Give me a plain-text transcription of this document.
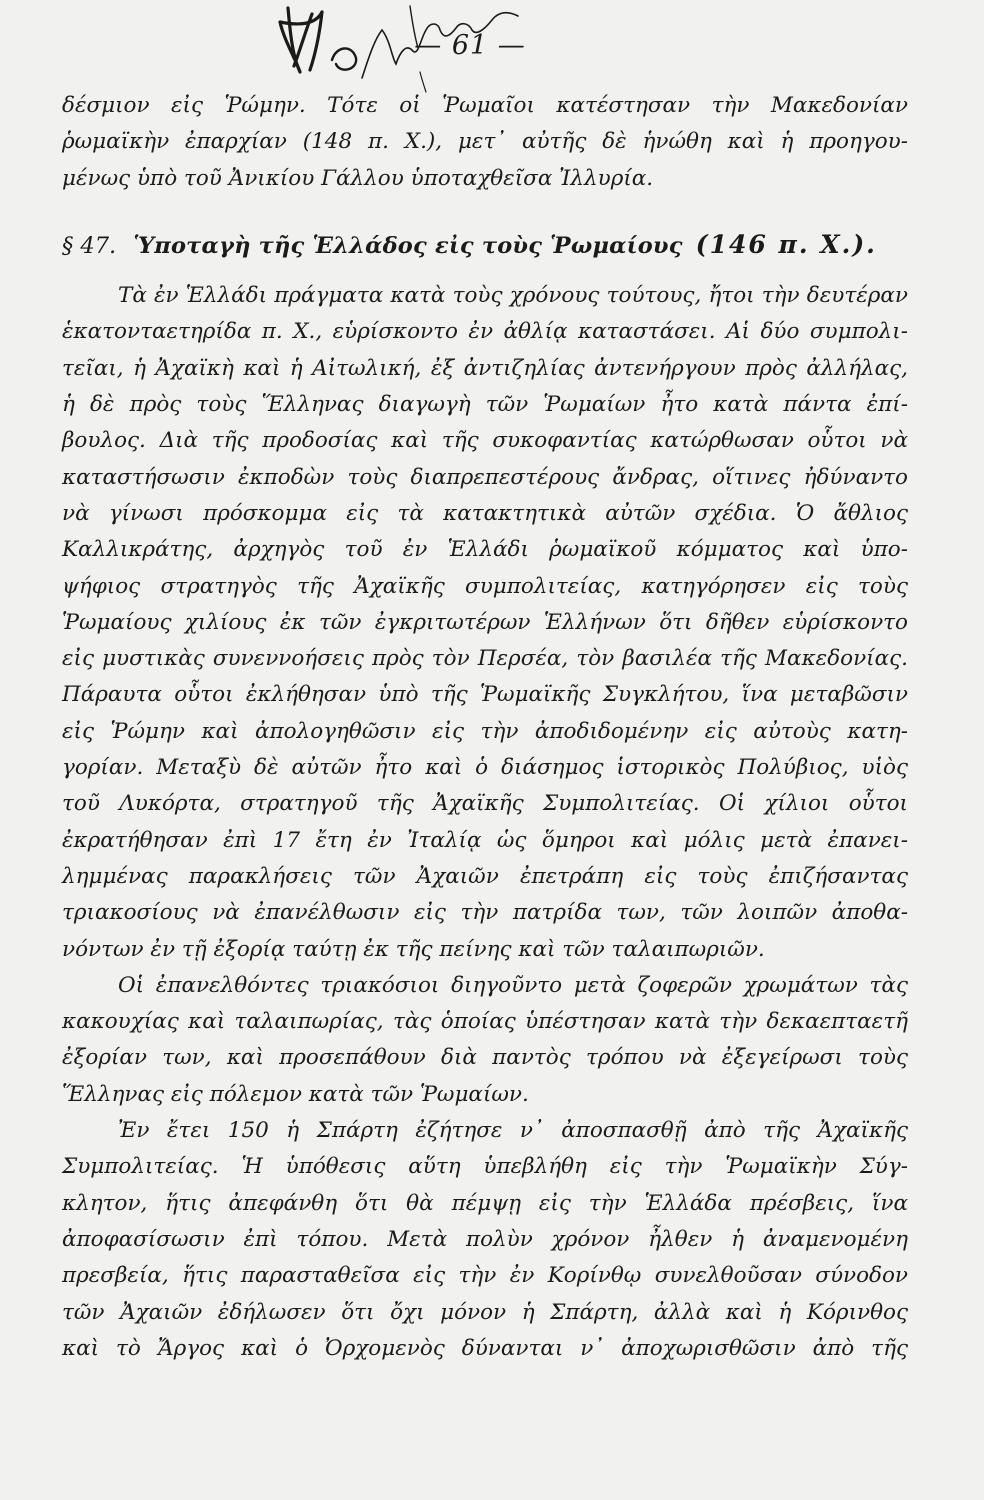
— 61 —
δέσμιον εἰς Ῥώμην. Τότε οἱ Ῥωμαῖοι κατέστησαν τὴν Μακεδονίαν
ῥωμαϊκὴν ἐπαρχίαν (148 π. Χ.), μετ᾽ αὐτῆς δὲ ἡνώθη καὶ ἡ προηγου-
μένως ὑπὸ τοῦ Ἀνικίου Γάλλου ὑποταχθεῖσα Ἰλλυρία.
§ 47. Ὑποταγὴ τῆς Ἑλλάδος εἰς τοὺς Ῥωμαίους (146 π. Χ.).
Τὰ ἐν Ἑλλάδι πράγματα κατὰ τοὺς χρόνους τούτους, ἤτοι τὴν δευτέραν
ἑκατονταετηρίδα π. Χ., εὑρίσκοντο ἐν ἀθλίᾳ καταστάσει. Αἱ δύο συμπολι-
τεῖαι, ἡ Ἀχαϊκὴ καὶ ἡ Αἰτωλική, ἐξ ἀντιζηλίας ἀντενήργουν πρὸς ἀλλήλας,
ἡ δὲ πρὸς τοὺς Ἕλληνας διαγωγὴ τῶν Ῥωμαίων ἦτο κατὰ πάντα ἐπί-
βουλος. Διὰ τῆς προδοσίας καὶ τῆς συκοφαντίας κατώρθωσαν οὗτοι νὰ
καταστήσωσιν ἐκποδὼν τοὺς διαπρεπεστέρους ἄνδρας, οἵτινες ἠδύναντο
νὰ γίνωσι πρόσκομμα εἰς τὰ κατακτητικὰ αὐτῶν σχέδια. Ὁ ἄθλιος
Καλλικράτης, ἀρχηγὸς τοῦ ἐν Ἑλλάδι ῥωμαϊκοῦ κόμματος καὶ ὑπο-
ψήφιος στρατηγὸς τῆς Ἀχαϊκῆς συμπολιτείας, κατηγόρησεν εἰς τοὺς
Ῥωμαίους χιλίους ἐκ τῶν ἐγκριτωτέρων Ἑλλήνων ὅτι δῆθεν εὑρίσκοντο
εἰς μυστικὰς συνεννοήσεις πρὸς τὸν Περσέα, τὸν βασιλέα τῆς Μακεδονίας.
Πάραυτα οὗτοι ἐκλήθησαν ὑπὸ τῆς Ῥωμαϊκῆς Συγκλήτου, ἵνα μεταβῶσιν
εἰς Ῥώμην καὶ ἀπολογηθῶσιν εἰς τὴν ἀποδιδομένην εἰς αὐτοὺς κατη-
γορίαν. Μεταξὺ δὲ αὐτῶν ἦτο καὶ ὁ διάσημος ἱστορικὸς Πολύβιος, υἱὸς
τοῦ Λυκόρτα, στρατηγοῦ τῆς Ἀχαϊκῆς Συμπολιτείας. Οἱ χίλιοι οὗτοι
ἐκρατήθησαν ἐπὶ 17 ἔτη ἐν Ἰταλίᾳ ὡς ὅμηροι καὶ μόλις μετὰ ἐπανει-
λημμένας παρακλήσεις τῶν Ἀχαιῶν ἐπετράπη εἰς τοὺς ἐπιζήσαντας
τριακοσίους νὰ ἐπανέλθωσιν εἰς τὴν πατρίδα των, τῶν λοιπῶν ἀποθα-
νόντων ἐν τῇ ἐξορίᾳ ταύτῃ ἐκ τῆς πείνης καὶ τῶν ταλαιπωριῶν.
Οἱ ἐπανελθόντες τριακόσιοι διηγοῦντο μετὰ ζοφερῶν χρωμάτων τὰς
κακουχίας καὶ ταλαιπωρίας, τὰς ὁποίας ὑπέστησαν κατὰ τὴν δεκαεπταετῆ
ἐξορίαν των, καὶ προσεπάθουν διὰ παντὸς τρόπου νὰ ἐξεγείρωσι τοὺς
Ἕλληνας εἰς πόλεμον κατὰ τῶν Ῥωμαίων.
Ἐν ἔτει 150 ἡ Σπάρτη ἐζήτησε ν᾽ ἀποσπασθῇ ἀπὸ τῆς Ἀχαϊκῆς
Συμπολιτείας. Ἡ ὑπόθεσις αὕτη ὑπεβλήθη εἰς τὴν Ῥωμαϊκὴν Σύγ-
κλητον, ἥτις ἀπεφάνθη ὅτι θὰ πέμψῃ εἰς τὴν Ἑλλάδα πρέσβεις, ἵνα
ἀποφασίσωσιν ἐπὶ τόπου. Μετὰ πολὺν χρόνον ἦλθεν ἡ ἀναμενομένη
πρεσβεία, ἥτις παρασταθεῖσα εἰς τὴν ἐν Κορίνθῳ συνελθοῦσαν σύνοδον
τῶν Ἀχαιῶν ἐδήλωσεν ὅτι ὄχι μόνον ἡ Σπάρτη, ἀλλὰ καὶ ἡ Κόρινθος
καὶ τὸ Ἄργος καὶ ὁ Ὀρχομενὸς δύνανται ν᾽ ἀποχωρισθῶσιν ἀπὸ τῆς
